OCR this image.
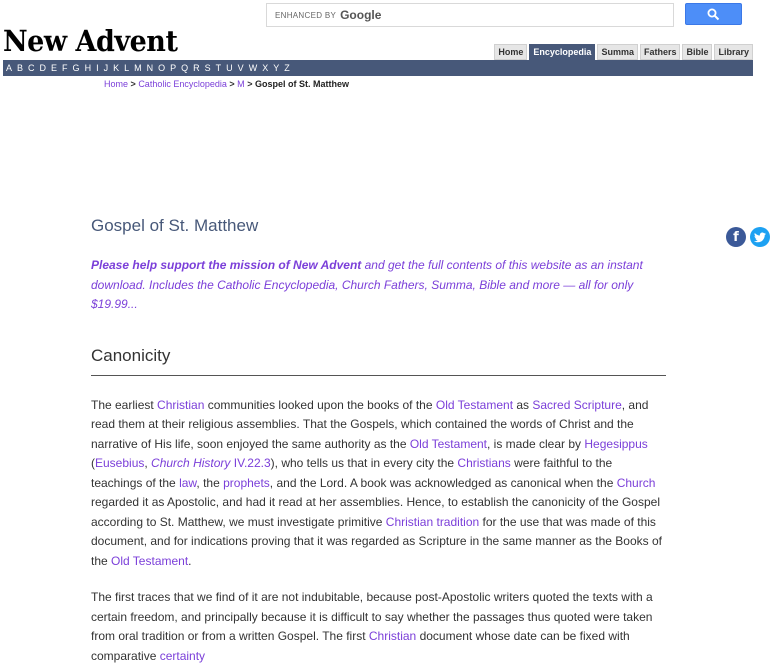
ENHANCED BY Google
New Advent	Home	Encyclopedia	Summa	Fathers	Bible	Library
A B C D E F G H I J K L M N O P Q R S T U V W X Y Z
Home > Catholic Encyclopedia > M > Gospel of St. Matthew
f
Gospel of St. Matthew
Please help support the mission of New Advent and get the full contents of this website as an instant download. Includes the Catholic Encyclopedia, Church Fathers, Summa, Bible and more — all for only $19.99...
Canonicity

The earliest Christian communities looked upon the books of the Old Testament as Sacred Scripture, and read them at their religious assemblies. That the Gospels, which contained the words of Christ and the narrative of His life, soon enjoyed the same authority as the Old Testament, is made clear by Hegesippus (Eusebius, Church History IV.22.3), who tells us that in every city the Christians were faithful to the teachings of the law, the prophets, and the Lord. A book was acknowledged as canonical when the Church regarded it as Apostolic, and had it read at her assemblies. Hence, to establish the canonicity of the Gospel according to St. Matthew, we must investigate primitive Christian tradition for the use that was made of this document, and for indications proving that it was regarded as Scripture in the same manner as the Books of the Old Testament.

The first traces that we find of it are not indubitable, because post-Apostolic writers quoted the texts with a certain freedom, and principally because it is difficult to say whether the passages thus quoted were taken from oral tradition or from a written Gospel. The first Christian document whose date can be fixed with comparative certainty
